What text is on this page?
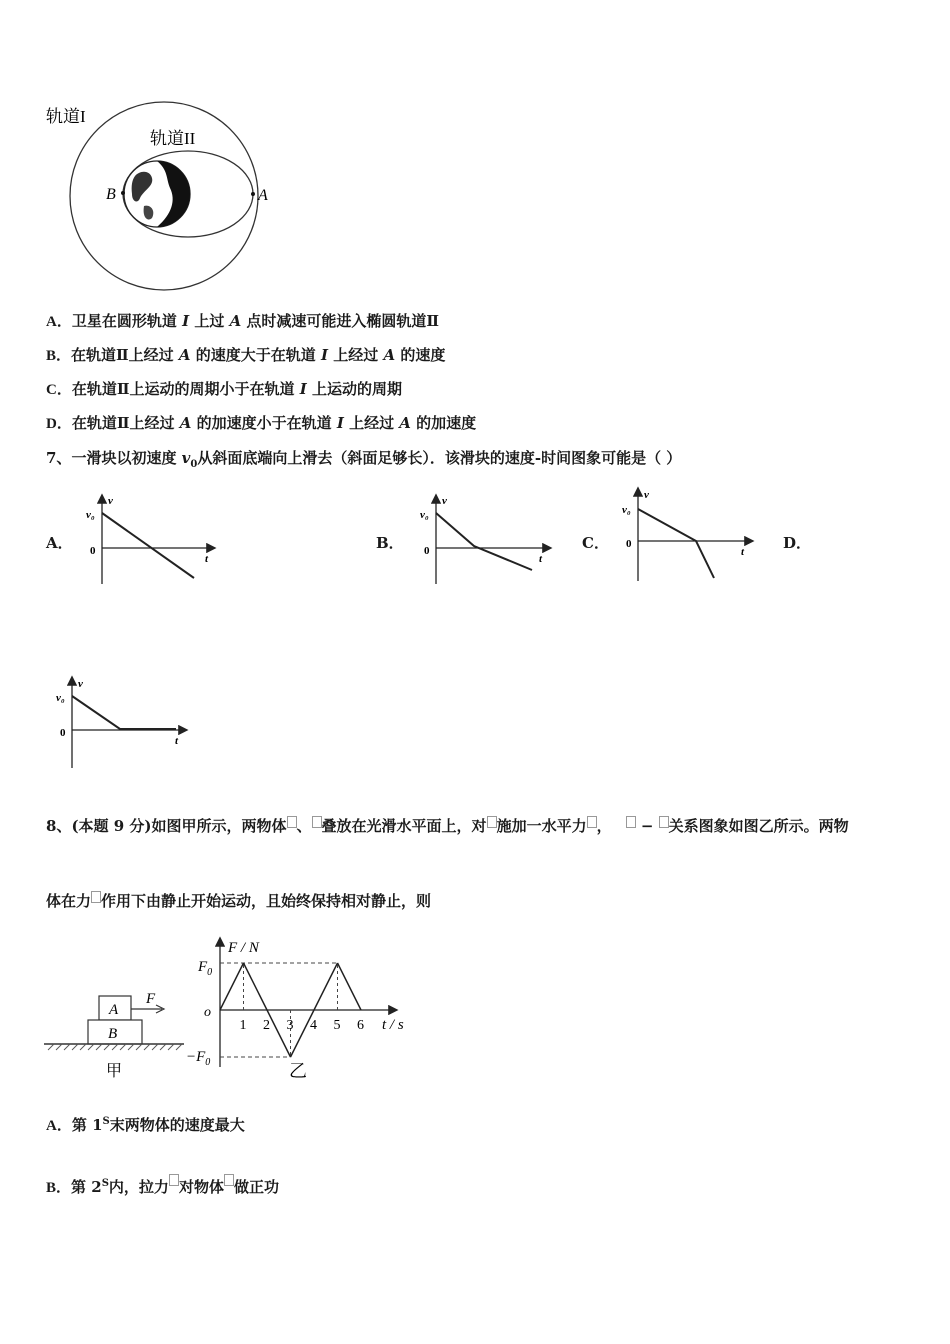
轨道I
轨道II
B	A
A．卫星在圆形轨道 I 上过 A 点时减速可能进入椭圆轨道Ⅱ
B．在轨道Ⅱ上经过 A 的速度大于在轨道 I 上经过 A 的速度
C．在轨道Ⅱ上运动的周期小于在轨道 I 上运动的周期
D．在轨道Ⅱ上经过 A 的加速度小于在轨道 I 上经过 A 的加速度
7、一滑块以初速度 $v_0$从斜面底端向上滑去（斜面足够长）．该滑块的速度-时间图象可能是（ ）
A．	B．	C．	D．
v
v₀
0
t
v
v₀
0
t
v
v₀
0
t
v
v₀
0
t
8、(本题 9 分)如图甲所示，两物体 、 叠放在光滑水平面上，对 施加一水平力 ， − 关系图象如图乙所示。两物
体在力 作用下由静止开始运动，且始终保持相对静止，则
A
B
F
甲
1 2 3 4 5 6
F / N
t / s
o
$F_0$
$-F_0$	乙
A．第 $1^S$末两物体的速度最大
B．第 $2^S$内，拉力 对物体 做正功
